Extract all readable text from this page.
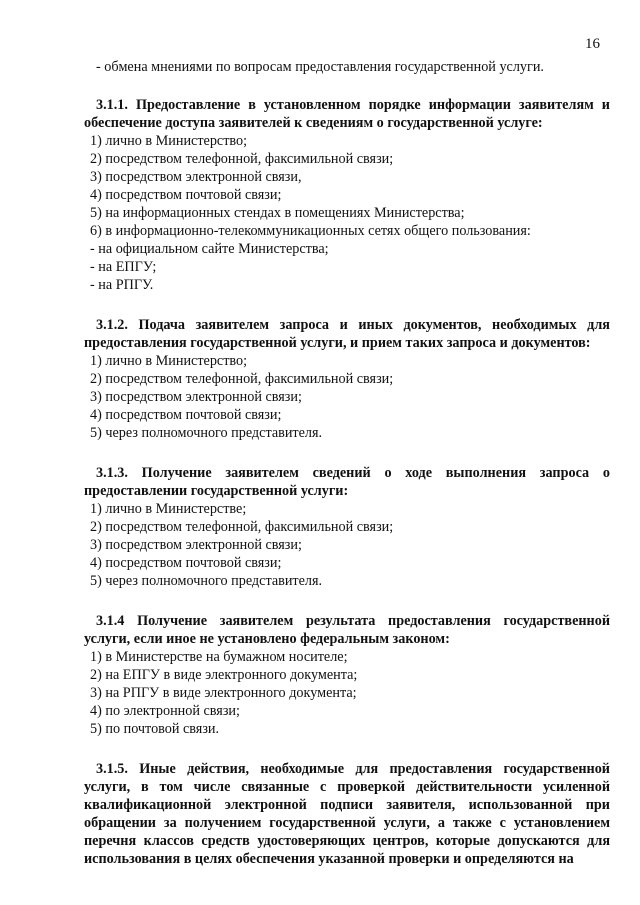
16

- обмена мнениями по вопросам предоставления государственной услуги.

3.1.1. Предоставление в установленном порядке информации заявителям и обеспечение доступа заявителей к сведениям о государственной услуге:

1) лично в Министерство;
2) посредством телефонной, факсимильной связи;
3) посредством электронной связи,
4) посредством почтовой связи;
5) на информационных стендах в помещениях Министерства;
6) в информационно-телекоммуникационных сетях общего пользования:
- на официальном сайте Министерства;
- на ЕПГУ;
- на РПГУ.

3.1.2. Подача заявителем запроса и иных документов, необходимых для предоставления государственной услуги, и прием таких запроса и документов:

1) лично в Министерство;
2) посредством телефонной, факсимильной связи;
3) посредством электронной связи;
4) посредством почтовой связи;
5) через полномочного представителя.

3.1.3. Получение заявителем сведений о ходе выполнения запроса о предоставлении государственной услуги:

1) лично в Министерстве;
2) посредством телефонной, факсимильной связи;
3) посредством электронной связи;
4) посредством почтовой связи;
5) через полномочного представителя.

3.1.4 Получение заявителем результата предоставления государственной услуги, если иное не установлено федеральным законом:

1) в Министерстве на бумажном носителе;
2) на ЕПГУ в виде электронного документа;
3) на РПГУ в виде электронного документа;
4) по электронной связи;
5) по почтовой связи.

3.1.5. Иные действия, необходимые для предоставления государственной услуги, в том числе связанные с проверкой действительности усиленной квалификационной электронной подписи заявителя, использованной при обращении за получением государственной услуги, а также с установлением перечня классов средств удостоверяющих центров, которые допускаются для использования в целях обеспечения указанной проверки и определяются на
